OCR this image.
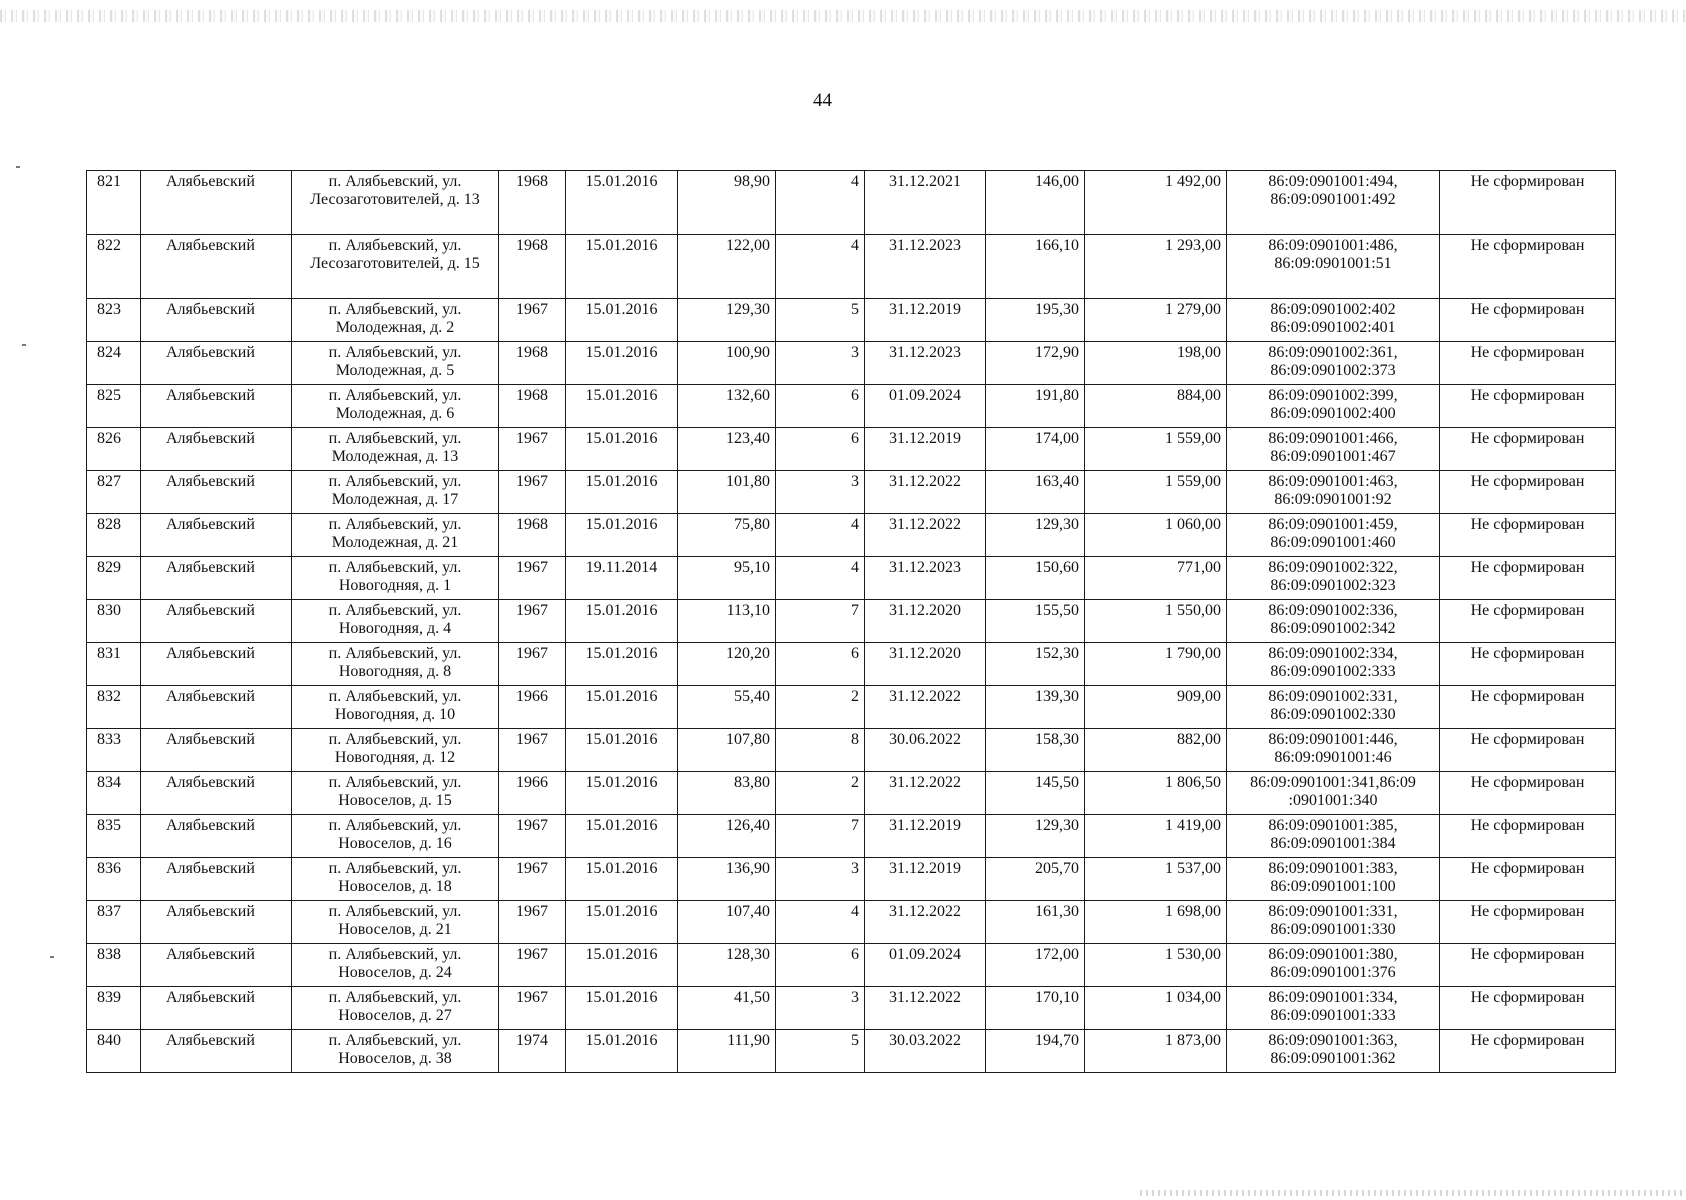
44
821	Алябьевский	п. Алябьевский, ул. Лесозаготовителей, д. 13	1968	15.01.2016	98,90	4	31.12.2021	146,00	1 492,00	86:09:0901001:494, 86:09:0901001:492	Не сформирован
822	Алябьевский	п. Алябьевский, ул. Лесозаготовителей, д. 15	1968	15.01.2016	122,00	4	31.12.2023	166,10	1 293,00	86:09:0901001:486, 86:09:0901001:51	Не сформирован
823	Алябьевский	п. Алябьевский, ул. Молодежная, д. 2	1967	15.01.2016	129,30	5	31.12.2019	195,30	1 279,00	86:09:0901002:402 86:09:0901002:401	Не сформирован
824	Алябьевский	п. Алябьевский, ул. Молодежная, д. 5	1968	15.01.2016	100,90	3	31.12.2023	172,90	198,00	86:09:0901002:361, 86:09:0901002:373	Не сформирован
825	Алябьевский	п. Алябьевский, ул. Молодежная, д. 6	1968	15.01.2016	132,60	6	01.09.2024	191,80	884,00	86:09:0901002:399, 86:09:0901002:400	Не сформирован
826	Алябьевский	п. Алябьевский, ул. Молодежная, д. 13	1967	15.01.2016	123,40	6	31.12.2019	174,00	1 559,00	86:09:0901001:466, 86:09:0901001:467	Не сформирован
827	Алябьевский	п. Алябьевский, ул. Молодежная, д. 17	1967	15.01.2016	101,80	3	31.12.2022	163,40	1 559,00	86:09:0901001:463, 86:09:0901001:92	Не сформирован
828	Алябьевский	п. Алябьевский, ул. Молодежная, д. 21	1968	15.01.2016	75,80	4	31.12.2022	129,30	1 060,00	86:09:0901001:459, 86:09:0901001:460	Не сформирован
829	Алябьевский	п. Алябьевский, ул. Новогодняя, д. 1	1967	19.11.2014	95,10	4	31.12.2023	150,60	771,00	86:09:0901002:322, 86:09:0901002:323	Не сформирован
830	Алябьевский	п. Алябьевский, ул. Новогодняя, д. 4	1967	15.01.2016	113,10	7	31.12.2020	155,50	1 550,00	86:09:0901002:336, 86:09:0901002:342	Не сформирован
831	Алябьевский	п. Алябьевский, ул. Новогодняя, д. 8	1967	15.01.2016	120,20	6	31.12.2020	152,30	1 790,00	86:09:0901002:334, 86:09:0901002:333	Не сформирован
832	Алябьевский	п. Алябьевский, ул. Новогодняя, д. 10	1966	15.01.2016	55,40	2	31.12.2022	139,30	909,00	86:09:0901002:331, 86:09:0901002:330	Не сформирован
833	Алябьевский	п. Алябьевский, ул. Новогодняя, д. 12	1967	15.01.2016	107,80	8	30.06.2022	158,30	882,00	86:09:0901001:446, 86:09:0901001:46	Не сформирован
834	Алябьевский	п. Алябьевский, ул. Новоселов, д. 15	1966	15.01.2016	83,80	2	31.12.2022	145,50	1 806,50	86:09:0901001:341,86:09 :0901001:340	Не сформирован
835	Алябьевский	п. Алябьевский, ул. Новоселов, д. 16	1967	15.01.2016	126,40	7	31.12.2019	129,30	1 419,00	86:09:0901001:385, 86:09:0901001:384	Не сформирован
836	Алябьевский	п. Алябьевский, ул. Новоселов, д. 18	1967	15.01.2016	136,90	3	31.12.2019	205,70	1 537,00	86:09:0901001:383, 86:09:0901001:100	Не сформирован
837	Алябьевский	п. Алябьевский, ул. Новоселов, д. 21	1967	15.01.2016	107,40	4	31.12.2022	161,30	1 698,00	86:09:0901001:331, 86:09:0901001:330	Не сформирован
838	Алябьевский	п. Алябьевский, ул. Новоселов, д. 24	1967	15.01.2016	128,30	6	01.09.2024	172,00	1 530,00	86:09:0901001:380, 86:09:0901001:376	Не сформирован
839	Алябьевский	п. Алябьевский, ул. Новоселов, д. 27	1967	15.01.2016	41,50	3	31.12.2022	170,10	1 034,00	86:09:0901001:334, 86:09:0901001:333	Не сформирован
840	Алябьевский	п. Алябьевский, ул. Новоселов, д. 38	1974	15.01.2016	111,90	5	30.03.2022	194,70	1 873,00	86:09:0901001:363, 86:09:0901001:362	Не сформирован
